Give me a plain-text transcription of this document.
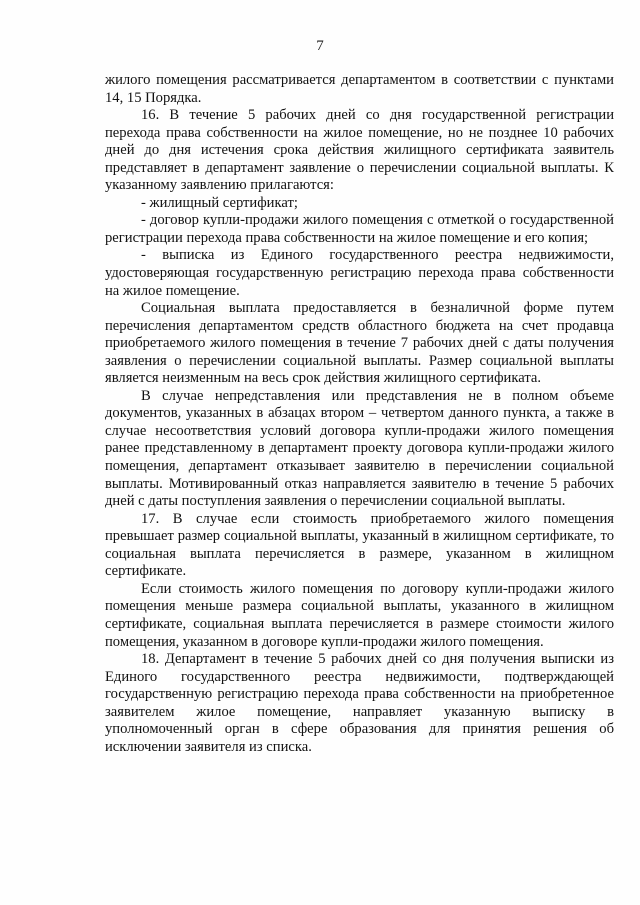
7

жилого помещения рассматривается департаментом в соответствии с пунктами 14, 15 Порядка.

16. В течение 5 рабочих дней со дня государственной регистрации перехода права собственности на жилое помещение, но не позднее 10 рабочих дней до дня истечения срока действия жилищного сертификата заявитель представляет в департамент заявление о перечислении социальной выплаты. К указанному заявлению прилагаются:

- жилищный сертификат;

- договор купли-продажи жилого помещения с отметкой о государственной регистрации перехода права собственности на жилое помещение и его копия;

- выписка из Единого государственного реестра недвижимости, удостоверяющая государственную регистрацию перехода права собственности на жилое помещение.

Социальная выплата предоставляется в безналичной форме путем перечисления департаментом средств областного бюджета на счет продавца приобретаемого жилого помещения в течение 7 рабочих дней с даты получения заявления о перечислении социальной выплаты. Размер социальной выплаты является неизменным на весь срок действия жилищного сертификата.

В случае непредставления или представления не в полном объеме документов, указанных в абзацах втором – четвертом данного пункта, а также в случае несоответствия условий договора купли-продажи жилого помещения ранее представленному в департамент проекту договора купли-продажи жилого помещения, департамент отказывает заявителю в перечислении социальной выплаты. Мотивированный отказ направляется заявителю в течение 5 рабочих дней с даты поступления заявления о перечислении социальной выплаты.

17. В случае если стоимость приобретаемого жилого помещения превышает размер социальной выплаты, указанный в жилищном сертификате, то социальная выплата перечисляется в размере, указанном в жилищном сертификате.

Если стоимость жилого помещения по договору купли-продажи жилого помещения меньше размера социальной выплаты, указанного в жилищном сертификате, социальная выплата перечисляется в размере стоимости жилого помещения, указанном в договоре купли-продажи жилого помещения.

18. Департамент в течение 5 рабочих дней со дня получения выписки из Единого государственного реестра недвижимости, подтверждающей государственную регистрацию перехода права собственности на приобретенное заявителем жилое помещение, направляет указанную выписку в уполномоченный орган в сфере образования для принятия решения об исключении заявителя из списка.
